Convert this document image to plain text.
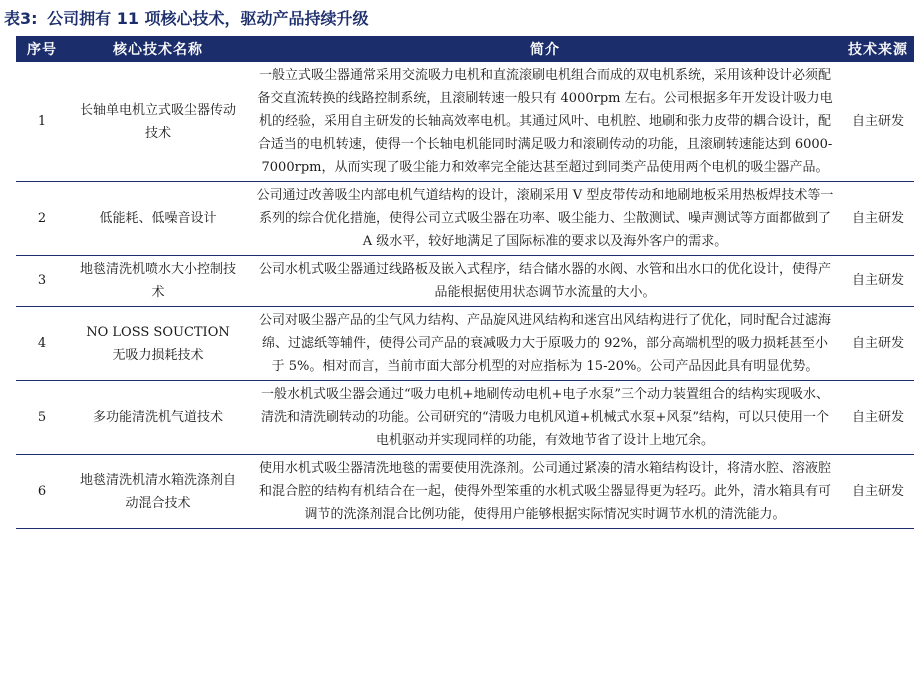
表3: 公司拥有 11 项核心技术，驱动产品持续升级
序号	核心技术名称	简介	技术来源
1	长轴单电机立式吸尘器传动技术	一般立式吸尘器通常采用交流吸力电机和直流滚刷电机组合而成的双电机系统，采用该种设计必须配备交直流转换的线路控制系统，且滚刷转速一般只有 4000rpm 左右。公司根据多年开发设计吸力电机的经验，采用自主研发的长轴高效率电机。其通过风叶、电机腔、地刷和张力皮带的耦合设计，配合适当的电机转速，使得一个长轴电机能同时满足吸力和滚刷传动的功能，且滚刷转速能达到 6000-7000rpm，从而实现了吸尘能力和效率完全能达甚至超过到同类产品使用两个电机的吸尘器产品。	自主研发
2	低能耗、低噪音设计	公司通过改善吸尘内部电机气道结构的设计，滚刷采用 V 型皮带传动和地刷地板采用热板焊技术等一系列的综合优化措施，使得公司立式吸尘器在功率、吸尘能力、尘散测试、噪声测试等方面都做到了 A 级水平，较好地满足了国际标准的要求以及海外客户的需求。	自主研发
3	地毯清洗机喷水大小控制技术	公司水机式吸尘器通过线路板及嵌入式程序，结合储水器的水阀、水管和出水口的优化设计，使得产品能根据使用状态调节水流量的大小。	自主研发
4	NO LOSS SOUCTION 无吸力损耗技术	公司对吸尘器产品的尘气风力结构、产品旋风进风结构和迷宫出风结构进行了优化，同时配合过滤海绵、过滤纸等辅件，使得公司产品的衰减吸力大于原吸力的 92%，部分高端机型的吸力损耗甚至小于 5%。相对而言，当前市面大部分机型的对应指标为 15-20%。公司产品因此具有明显优势。	自主研发
5	多功能清洗机气道技术	一般水机式吸尘器会通过“吸力电机+地刷传动电机+电子水泵”三个动力装置组合的结构实现吸水、清洗和清洗刷转动的功能。公司研究的“清吸力电机风道+机械式水泵+风泵”结构，可以只使用一个电机驱动并实现同样的功能，有效地节省了设计上地冗余。	自主研发
6	地毯清洗机清水箱洗涤剂自动混合技术	使用水机式吸尘器清洗地毯的需要使用洗涤剂。公司通过紧凑的清水箱结构设计，将清水腔、溶液腔和混合腔的结构有机结合在一起，使得外型笨重的水机式吸尘器显得更为轻巧。此外，清水箱具有可调节的洗涤剂混合比例功能，使得用户能够根据实际情况实时调节水机的清洗能力。	自主研发
